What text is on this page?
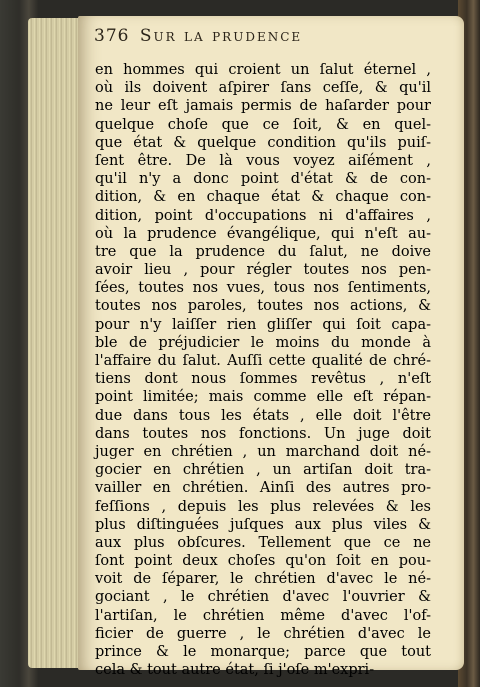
376 Sur la prudence
en hommes qui croient un ſalut éternel ,
où ils doivent aſpirer ſans ceſſe, & qu'il
ne leur eſt jamais permis de haſarder pour
quelque choſe que ce ſoit, & en quel-
que état & quelque condition qu'ils puiſ-
ſent être. De là vous voyez aiſément ,
qu'il n'y a donc point d'état & de con-
dition, & en chaque état & chaque con-
dition, point d'occupations ni d'affaires ,
où la prudence évangélique, qui n'eſt au-
tre que la prudence du ſalut, ne doive
avoir lieu , pour régler toutes nos pen-
ſées, toutes nos vues, tous nos ſentiments,
toutes nos paroles, toutes nos actions, &
pour n'y laiſſer rien gliſſer qui ſoit capa-
ble de préjudicier le moins du monde à
l'affaire du ſalut. Auſſi cette qualité de chré-
tiens dont nous ſommes revêtus , n'eſt
point limitée; mais comme elle eſt répan-
due dans tous les états , elle doit l'être
dans toutes nos fonctions. Un juge doit
juger en chrétien , un marchand doit né-
gocier en chrétien , un artiſan doit tra-
vailler en chrétien. Ainſi des autres pro-
feſſions , depuis les plus relevées & les
plus diſtinguées juſques aux plus viles &
aux plus obſcures. Tellement que ce ne
ſont point deux choſes qu'on ſoit en pou-
voit de ſéparer, le chrétien d'avec le né-
gociant , le chrétien d'avec l'ouvrier &
l'artiſan, le chrétien même d'avec l'of-
ficier de guerre , le chrétien d'avec le
prince & le monarque; parce que tout
cela & tout autre état, ſi j'oſe m'expri-
